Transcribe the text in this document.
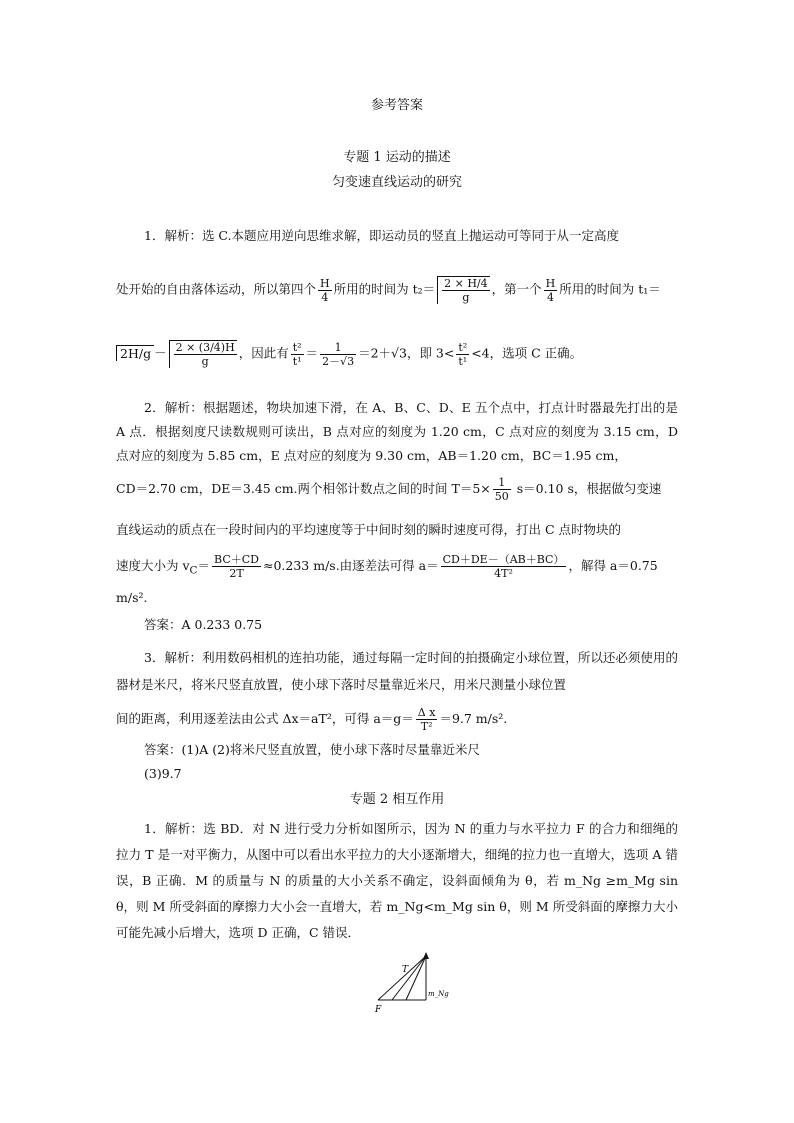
参考答案
专题 1 运动的描述
匀变速直线运动的研究
1．解析：选 C.本题应用逆向思维求解，即运动员的竖直上抛运动可等同于从一定高度
处开始的自由落体运动，所以第四个 $\frac{H}{4}$ 所用的时间为 $t_2= \frac{2 \times H/4}{g}$ ，第一个 $\frac{H}{4}$ 所用的时间为 t₁＝
$2H/g - \frac{2 \times (3/4)H}{g}$ ，因此有 $\frac{\text{t²}}{\text{t¹}} = \frac{1}{2-√3} =2+√3$，即 $3< \frac{\text{t²}}{\text{t¹}} <4$，选项 C 正确。
2．解析：根据题述，物块加速下滑，在 A、B、C、D、E 五个点中，打点计时器最先打出的是 A 点．根据刻度尺读数规则可读出，B 点对应的刻度为 1.20 cm，C 点对应的刻度为 3.15 cm，D 点对应的刻度为 5.85 cm，E 点对应的刻度为 9.30 cm，AB＝1.20 cm，BC＝1.95 cm，
CD＝2.70 cm，DE＝3.45 cm.两个相邻计数点之间的时间 $T=5\times \frac{1}{50} s=0.10$ s，根据做匀变速
直线运动的质点在一段时间内的平均速度等于中间时刻的瞬时速度可得，打出 C 点时物块的
速度大小为 $v_C= \frac{BC+CD}{2T} \approx 0.233$ m/s.由逐差法可得 $a= \frac{CD+DE-(AB+BC)}{\text{4T²}}$ ，解得 a＝0.75
m/s².
答案：A 0.233 0.75
3．解析：利用数码相机的连拍功能，通过每隔一定时间的拍摄确定小球位置，所以还必须使用的器材是米尺，将米尺竖直放置，使小球下落时尽量靠近米尺，用米尺测量小球位置
间的距离，利用逐差法由公式 Δx＝aT²，可得 $a=g= \frac{\text{Δ x}}{\text{T²}} =9.7$ m/s².
答案：(1)A (2)将米尺竖直放置，使小球下落时尽量靠近米尺
(3)9.7
专题 2 相互作用
1．解析：选 BD．对 N 进行受力分析如图所示，因为 N 的重力与水平拉力 F 的合力和细绳的拉力 T 是一对平衡力，从图中可以看出水平拉力的大小逐渐增大，细绳的拉力也一直增大，选项 A 错误，B 正确．M 的质量与 N 的质量的大小关系不确定，设斜面倾角为 θ，若 m_Ng ≥m_Mg sin θ，则 M 所受斜面的摩擦力大小会一直增大，若 m_Ng<m_Mg sin θ，则 M 所受斜面的摩擦力大小可能先减小后增大，选项 D 正确，C 错误．
T
F
m_Ng
